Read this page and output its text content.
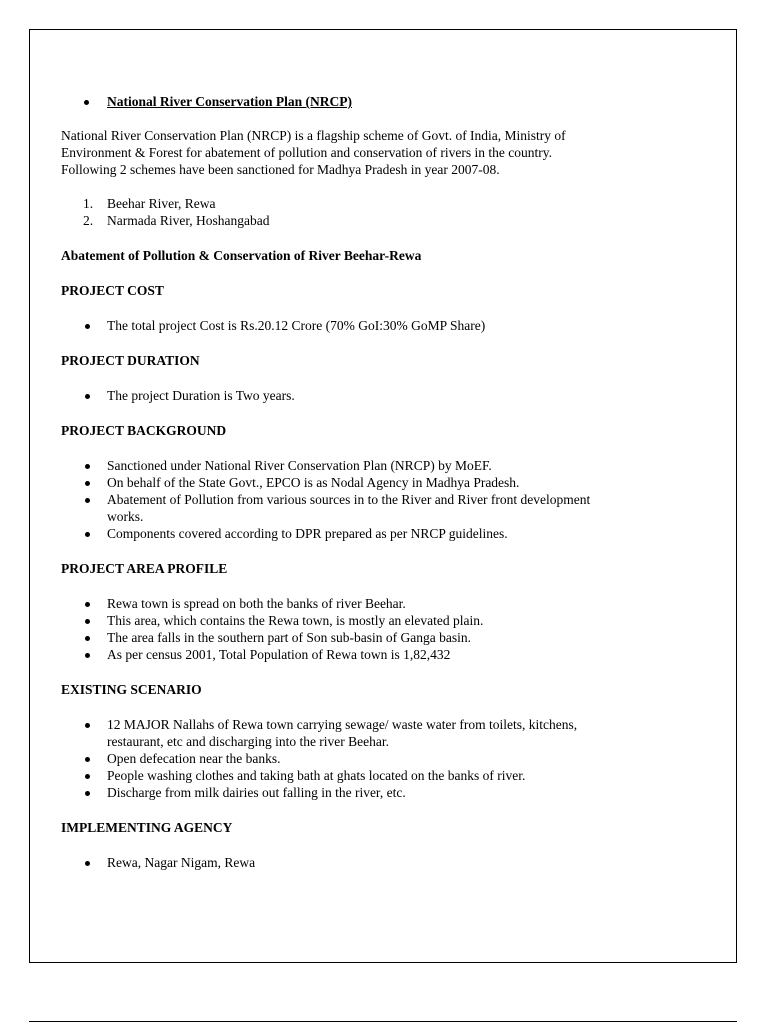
National River Conservation Plan (NRCP)

National River Conservation Plan (NRCP) is a flagship scheme of Govt. of India, Ministry of
Environment & Forest for abatement of pollution and conservation of rivers in the country.
Following 2 schemes have been sanctioned for Madhya Pradesh in year 2007-08.

1. Beehar River, Rewa
2. Narmada River, Hoshangabad
Abatement of Pollution & Conservation of River Beehar-Rewa
PROJECT COST
The total project Cost is Rs.20.12 Crore (70% GoI:30% GoMP Share)
PROJECT DURATION
The project Duration is Two years.
PROJECT BACKGROUND
Sanctioned under National River Conservation Plan (NRCP) by MoEF.
On behalf of the State Govt., EPCO is as Nodal Agency in Madhya Pradesh.
Abatement of Pollution from various sources in to the River and River front development
works.
Components covered according to DPR prepared as per NRCP guidelines.
PROJECT AREA PROFILE
Rewa town is spread on both the banks of river Beehar.
This area, which contains the Rewa town, is mostly an elevated plain.
The area falls in the southern part of Son sub-basin of Ganga basin.
As per census 2001, Total Population of Rewa town is 1,82,432
EXISTING SCENARIO
12 MAJOR Nallahs of Rewa town carrying sewage/ waste water from toilets, kitchens,
restaurant, etc and discharging into the river Beehar.
Open defecation near the banks.
People washing clothes and taking bath at ghats located on the banks of river.
Discharge from milk dairies out falling in the river, etc.
IMPLEMENTING AGENCY
Rewa, Nagar Nigam, Rewa
